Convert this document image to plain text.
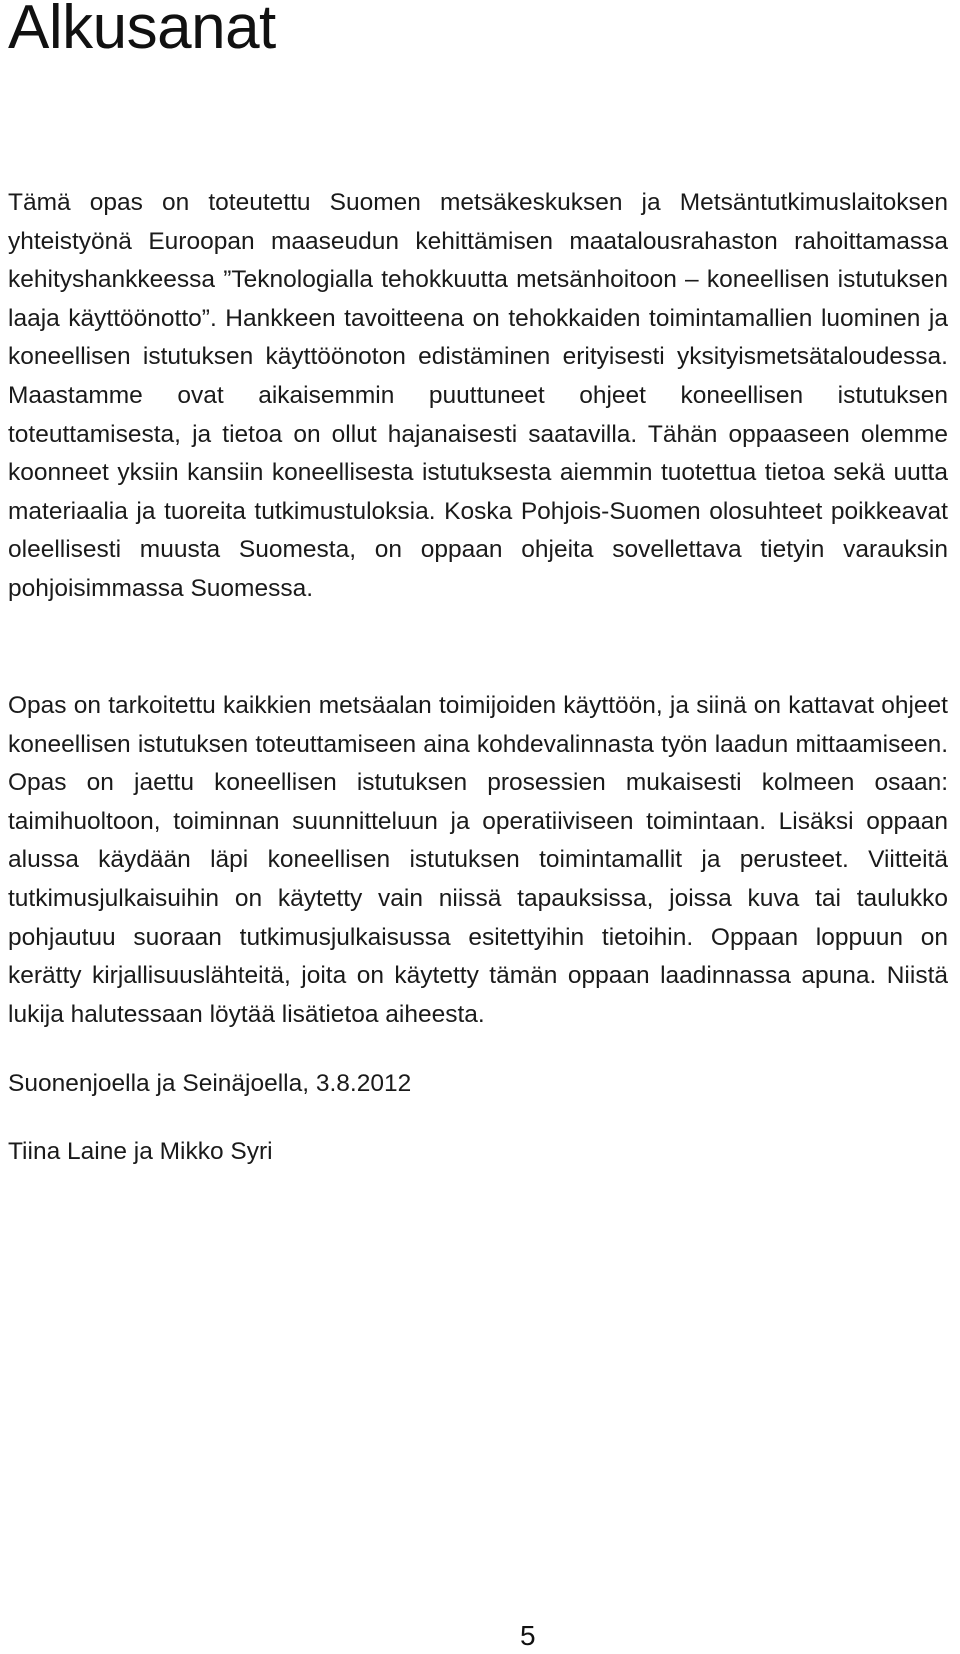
Alkusanat

Tämä opas on toteutettu Suomen metsäkeskuksen ja Metsäntutkimuslaitoksen yhteistyönä Euroopan maaseudun kehittämisen maatalousrahaston rahoittamassa kehityshankkeessa ”Teknologialla tehokkuutta metsänhoitoon – koneellisen istutuksen laaja käyttöönotto”. Hankkeen tavoitteena on tehokkaiden toimintamallien luominen ja koneellisen istutuksen käyttöönoton edistäminen erityisesti yksityismetsätaloudessa. Maastamme ovat aikaisemmin puuttuneet ohjeet koneellisen istutuksen toteuttamisesta, ja tietoa on ollut hajanaisesti saatavilla. Tähän oppaaseen olemme koonneet yksiin kansiin koneellisesta istutuksesta aiemmin tuotettua tietoa sekä uutta materiaalia ja tuoreita tutkimustuloksia. Koska Pohjois-Suomen olosuhteet poikkeavat oleellisesti muusta Suomesta, on oppaan ohjeita sovellettava tietyin varauksin pohjoisimmassa Suomessa.

Opas on tarkoitettu kaikkien metsäalan toimijoiden käyttöön, ja siinä on kattavat ohjeet koneellisen istutuksen toteuttamiseen aina kohdevalinnasta työn laadun mittaamiseen. Opas on jaettu koneellisen istutuksen prosessien mukaisesti kolmeen osaan: taimihuoltoon, toiminnan suunnitteluun ja operatiiviseen toimintaan. Lisäksi oppaan alussa käydään läpi koneellisen istutuksen toimintamallit ja perusteet. Viitteitä tutkimusjulkaisuihin on käytetty vain niissä tapauksissa, joissa kuva tai taulukko pohjautuu suoraan tutkimusjulkaisussa esitettyihin tietoihin. Oppaan loppuun on kerätty kirjallisuuslähteitä, joita on käytetty tämän oppaan laadinnassa apuna. Niistä lukija halutessaan löytää lisätietoa aiheesta.

Suonenjoella ja Seinäjoella, 3.8.2012

Tiina Laine ja Mikko Syri

5
